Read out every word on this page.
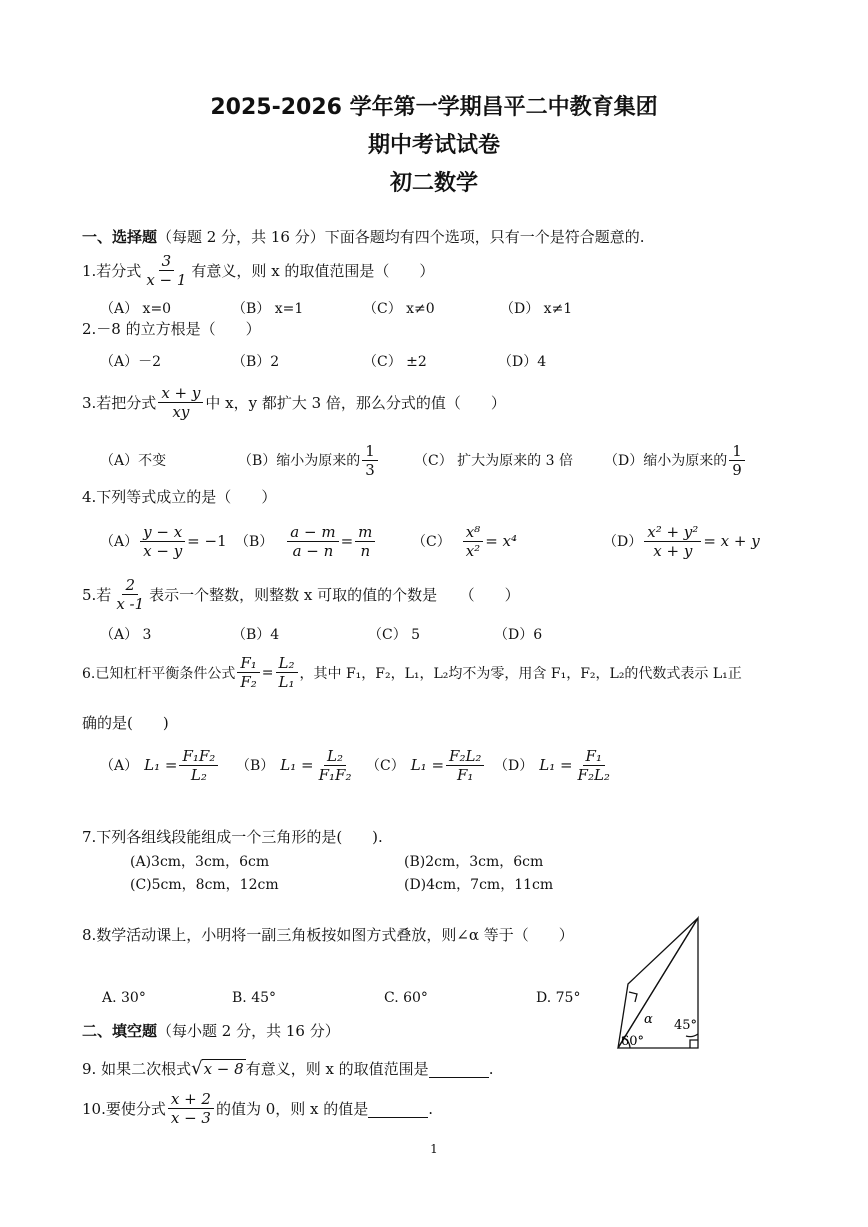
2025-2026 学年第一学期昌平二中教育集团
期中考试试卷
初二数学
一、选择题（每题 2 分，共 16 分）下面各题均有四个选项，只有一个是符合题意的.
1.若分式 $\frac{3}{x - 1}$ 有意义，则 x 的取值范围是（　　）
（A） x=0	（B） x=1	（C） x≠0	（D） x≠1
2.－8 的立方根是（　　）
（A）－2	（B）2	（C） ±2	（D）4
3.若把分式 $\frac{x + y}{xy}$ 中 x，y 都扩大 3 倍，那么分式的值（　　）
（A）不变	（B）缩小为原来的 $\frac{1}{3}$	（C） 扩大为原来的 3 倍 （D）缩小为原来的 $\frac{1}{9}$
4.下列等式成立的是（　　）
$(A) \frac{y - x}{x - y} = -1$ $(B) \frac{a - m}{a - n} = \frac{m}{n}$	$(C) \frac{\text{x⁸}}{\text{x²}} = x^4$	$(D) \frac{\text{x² + y²}}{x + y} = x + y$
5.若 $\frac{2}{x -1}$ 表示一个整数，则整数 x 可取的值的个数是　　（　　）
（A） 3	（B）4	（C） 5	（D）6
6.已知杠杆平衡条件公式 $\frac{\text{F₁}}{\text{F₂}} = \frac{\text{L₂}}{\text{L₁}}$ ，其中 F₁，F₂，L₁，L₂均不为零，用含 F₁，F₂，L₂的代数式表示 L₁正
确的是(　　)
（A） $L_1 = \frac{\text{F₁F₂}}{\text{L₂}} (B) L_1 = \frac{\text{L₂}}{\text{F₁F₂}} (C) L_1 = \frac{\text{F₂L₂}}{\text{F₁}} (D) L_1 = \frac{\text{F₁}}{\text{F₂L₂}}$
7.下列各组线段能组成一个三角形的是(　　).
(A)3cm，3cm，6cm	(B)2cm，3cm，6cm
(C)5cm，8cm，12cm	(D)4cm，7cm，11cm
8.数学活动课上，小明将一副三角板按如图方式叠放，则∠α 等于（　　）
A. 30°	B. 45°	C. 60°	D. 75°
α 45°
60°
二、填空题（每小题 2 分，共 16 分）
9. 如果二次根式 √ x − 8 有意义，则 x 的取值范围是
	.
10.要使分式 $\frac{x + 2}{x - 3}$ 的值为 0，则 x 的值是
	.
1
